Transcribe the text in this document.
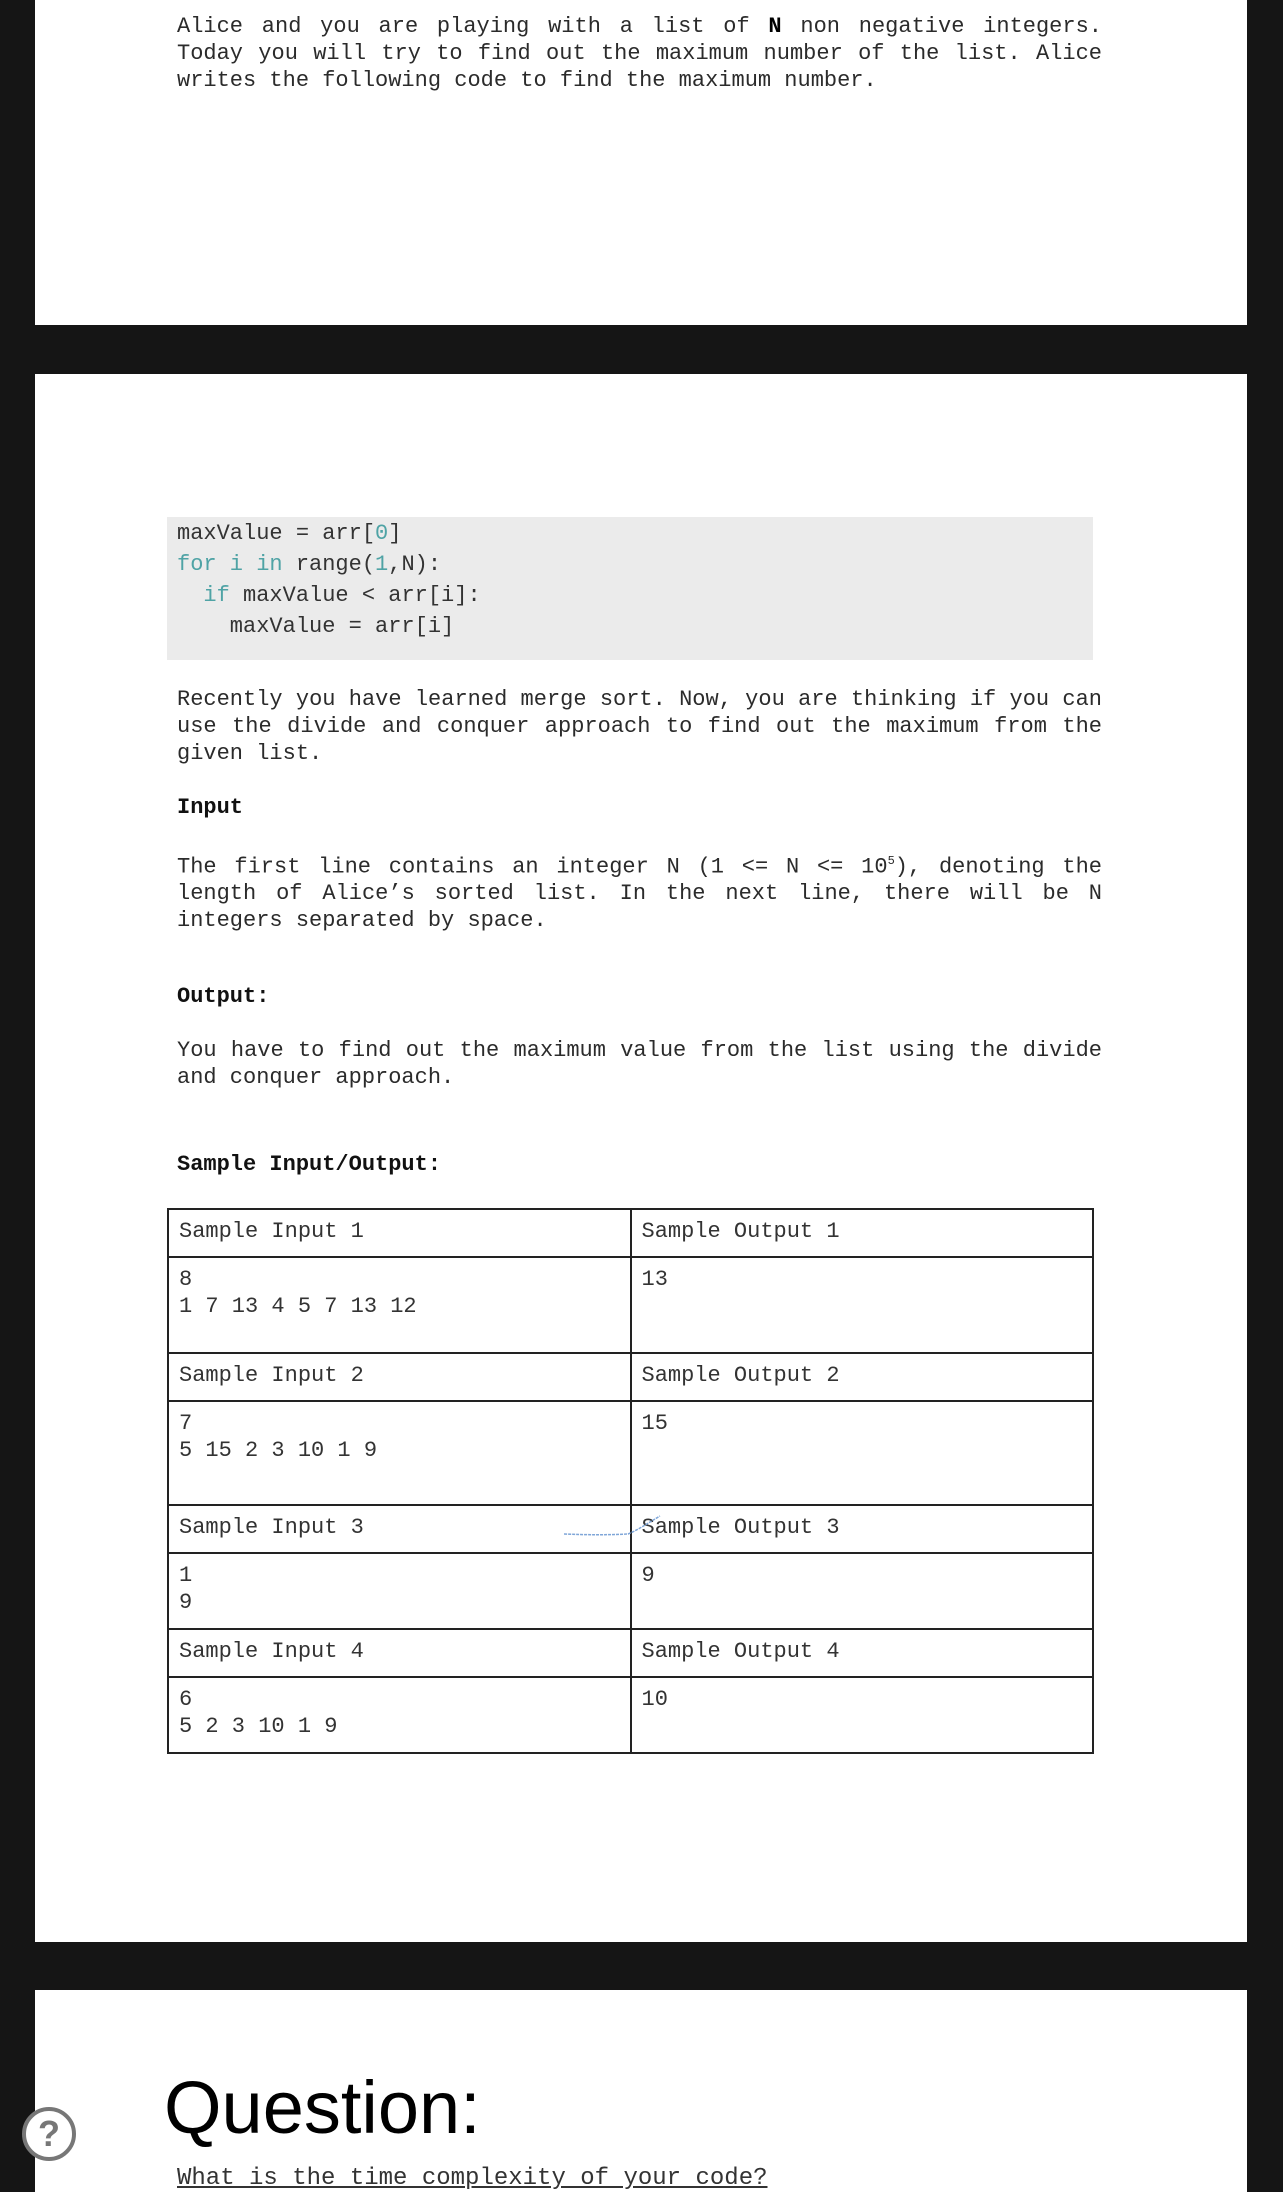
Alice and you are playing with a list of N non negative integers. Today you will try to find out the maximum number of the list. Alice writes the following code to find the maximum number.
maxValue = arr[0]
for i in range(1,N):
if maxValue < arr[i]:
maxValue = arr[i]
Recently you have learned merge sort. Now, you are thinking if you can use the divide and conquer approach to find out the maximum from the given list.
Input
The first line contains an integer N $(1 <= N <= 10^5)$, denoting the length of Alice’s sorted list. In the next line, there will be N integers separated by space.
Output:
You have to find out the maximum value from the list using the divide and conquer approach.
Sample Input/Output:
Sample Input 1	Sample Output 1
8
1 7 13 4 5 7 13 12	13
Sample Input 2	Sample Output 2
7
5 15 2 3 10 1 9	15
Sample Input 3	Sample Output 3
1
9	9
Sample Input 4	Sample Output 4
6
5 2 3 10 1 9	10
Question:
What is the time complexity of your code?
?
